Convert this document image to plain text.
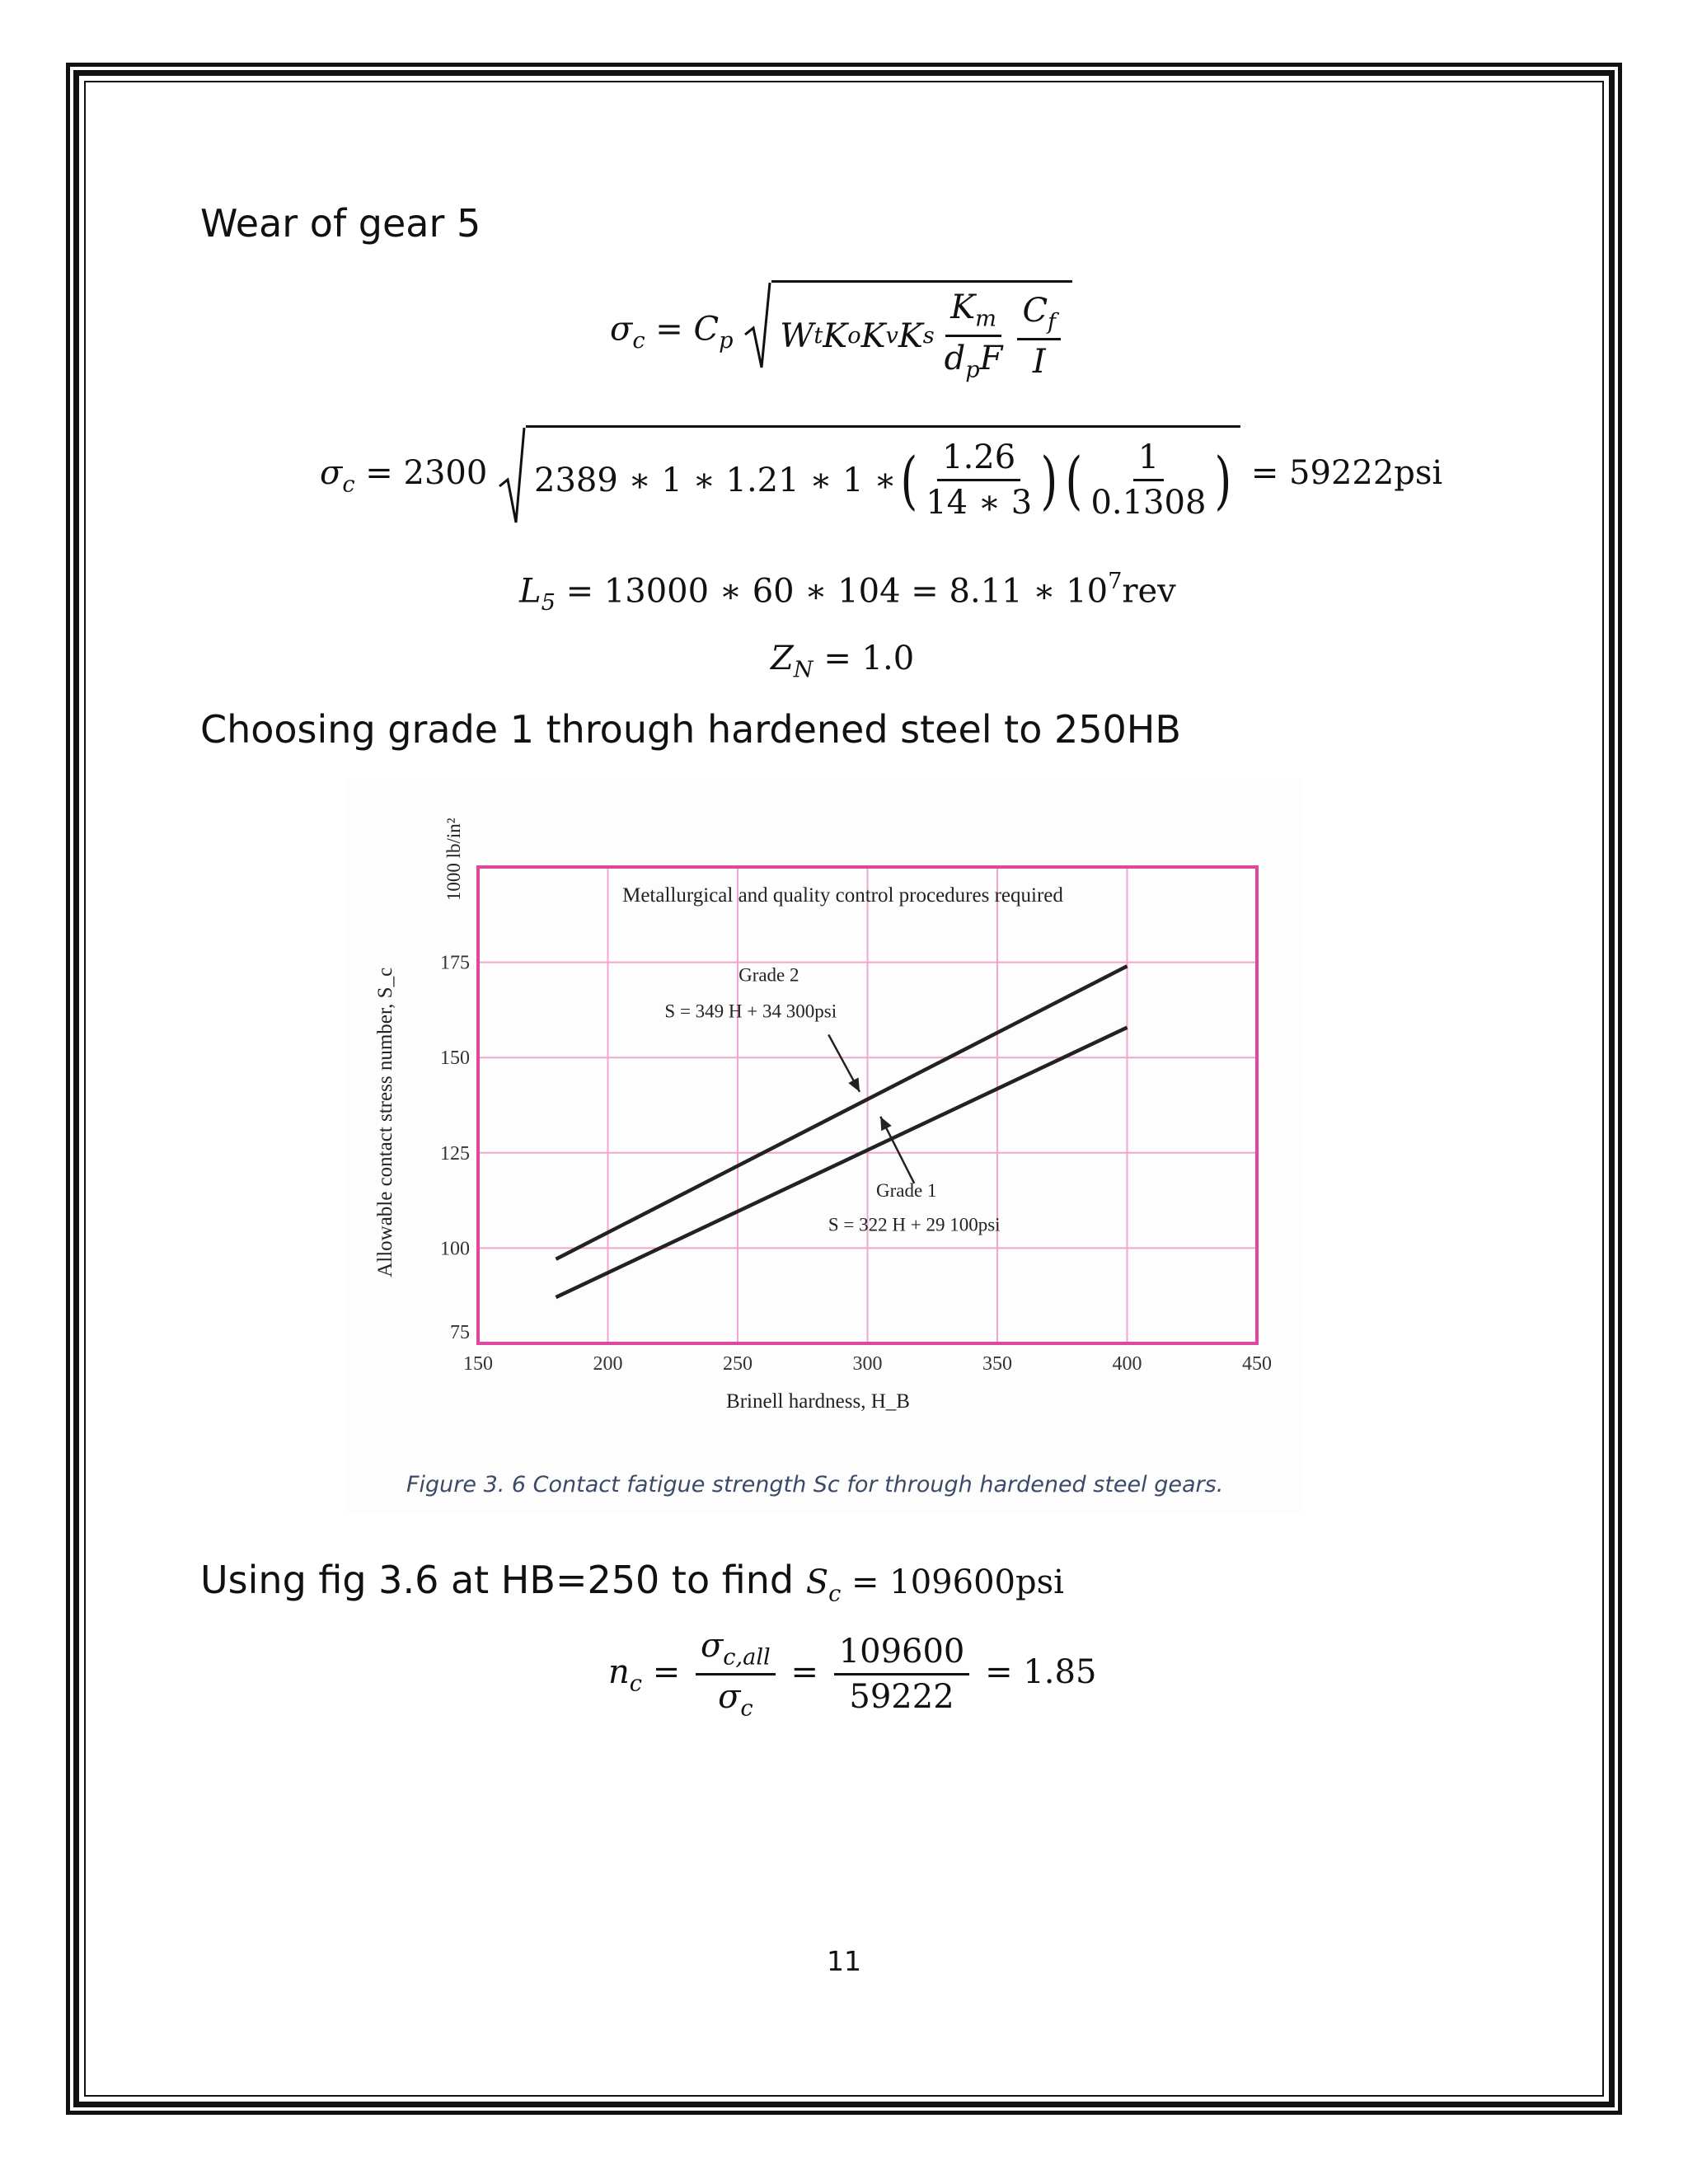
Wear of gear 5
$\sigma_c = C_p$ W t K o K v K s $\frac{K_m}{d_pF} \frac{C_f}{I}$
$\sigma_c = 2300$ 2389 ∗ 1 ∗ 1.21 ∗ 1 ∗ ( $\frac{1.26}{14 ∗ 3}$ ) ( $\frac{1}{0.1308}$ ) = 59222psi
$L_5 = 13000$ ∗ 60 ∗ 104 = 8.11 ∗ $10^7rev$
$Z_N = 1.0$
Choosing grade 1 through hardened steel to 250HB
Metallurgical and quality control procedures required
150	200	250	300	350	400	450
75
100
125
150
175
Grade 2
S = 349 H + 34 300psi
Grade 1
S = 322 H + 29 100psi
Brinell hardness, H_B
Allowable contact stress number, S_c
1000 lb/in²
Figure 3. 6 Contact fatigue strength Sc for through hardened steel gears.
Using fig 3.6 at HB=250 to find $S_c = 109600psi$
$n_c = \frac{\sigma_{c,all}}{\sigma_c} = \frac{109600}{59222} = 1.85$
11
